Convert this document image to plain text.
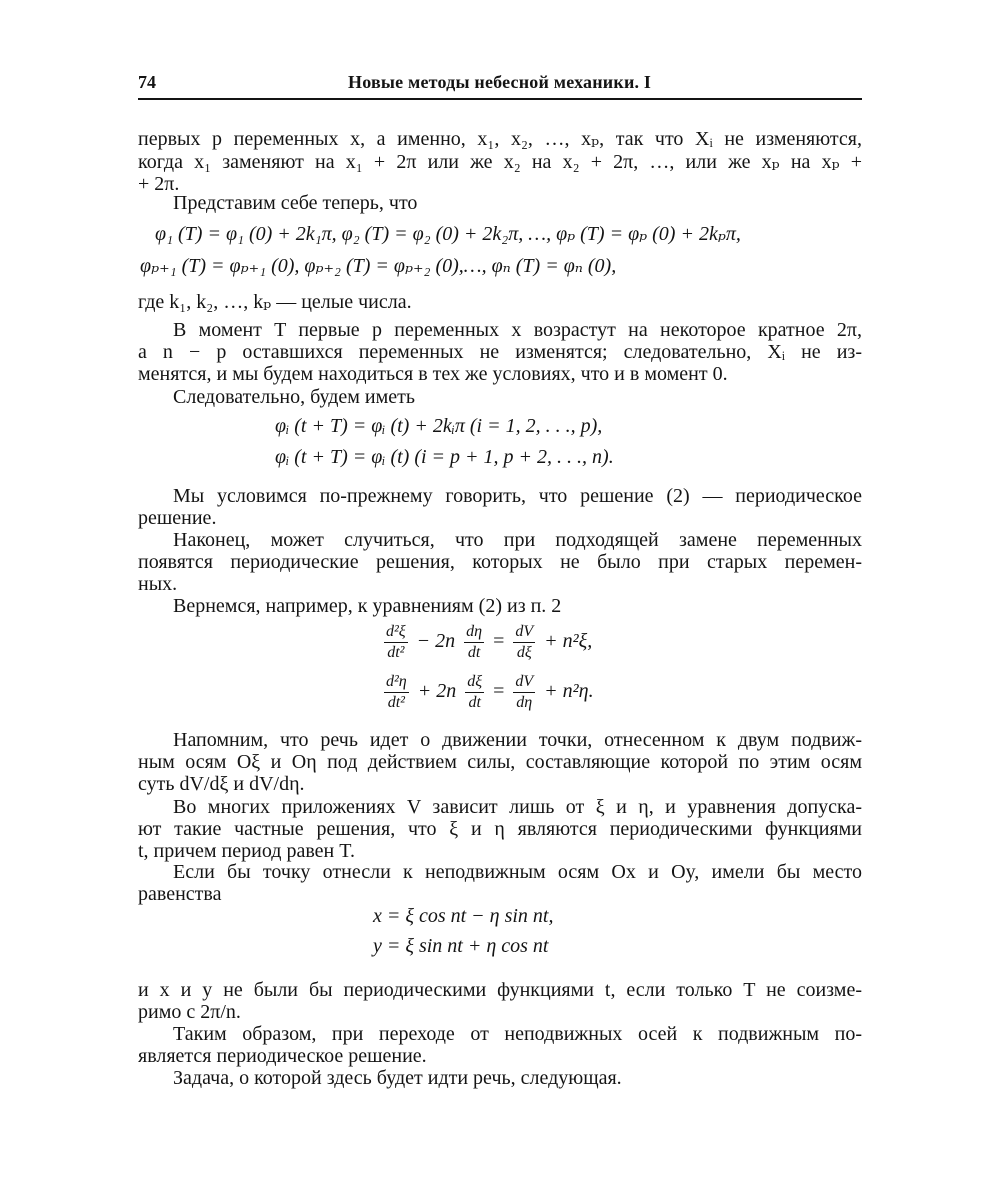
74	Новые методы небесной механики. I
первых p переменных x, а именно, x₁, x₂, …, xₚ, так что Xᵢ не изменяются,
когда x₁ заменяют на x₁ + 2π или же x₂ на x₂ + 2π, …, или же xₚ на xₚ +
+ 2π.
Представим себе теперь, что
φ₁ (T) = φ₁ (0) + 2k₁π, φ₂ (T) = φ₂ (0) + 2k₂π, …, φₚ (T) = φₚ (0) + 2kₚπ,
φₚ₊₁ (T) = φₚ₊₁ (0), φₚ₊₂ (T) = φₚ₊₂ (0),…, φₙ (T) = φₙ (0),
где k₁, k₂, …, kₚ — целые числа.
В момент T первые p переменных x возрастут на некоторое кратное 2π,
а n − p оставшихся переменных не изменятся; следовательно, Xᵢ не из-
менятся, и мы будем находиться в тех же условиях, что и в момент 0.
Следовательно, будем иметь
φᵢ (t + T) = φᵢ (t) + 2kᵢπ (i = 1, 2, . . ., p),
φᵢ (t + T) = φᵢ (t) (i = p + 1, p + 2, . . ., n).
Мы условимся по-прежнему говорить, что решение (2) — периодическое
решение.
Наконец, может случиться, что при подходящей замене переменных
появятся периодические решения, которых не было при старых перемен-
ных.
Вернемся, например, к уравнениям (2) из п. 2
$\frac{\text{d²ξ}}{\text{dt²}} - 2n \frac{d\eta}{dt} = \frac{dV}{d\xi} + n^2\xi$,
$\frac{\text{d²η}}{\text{dt²}} + 2n \frac{d\xi}{dt} = \frac{dV}{d\eta} + n^2\eta$.
Напомним, что речь идет о движении точки, отнесенном к двум подвиж-
ным осям Oξ и Oη под действием силы, составляющие которой по этим осям
суть dV/dξ и dV/dη.
Во многих приложениях V зависит лишь от ξ и η, и уравнения допуска-
ют такие частные решения, что ξ и η являются периодическими функциями
t, причем период равен T.
Если бы точку отнесли к неподвижным осям Ox и Oy, имели бы место
равенства
x = ξ cos nt − η sin nt,
y = ξ sin nt + η cos nt
и x и y не были бы периодическими функциями t, если только T не соизме-
римо с 2π/n.
Таким образом, при переходе от неподвижных осей к подвижным по-
является периодическое решение.
Задача, о которой здесь будет идти речь, следующая.
